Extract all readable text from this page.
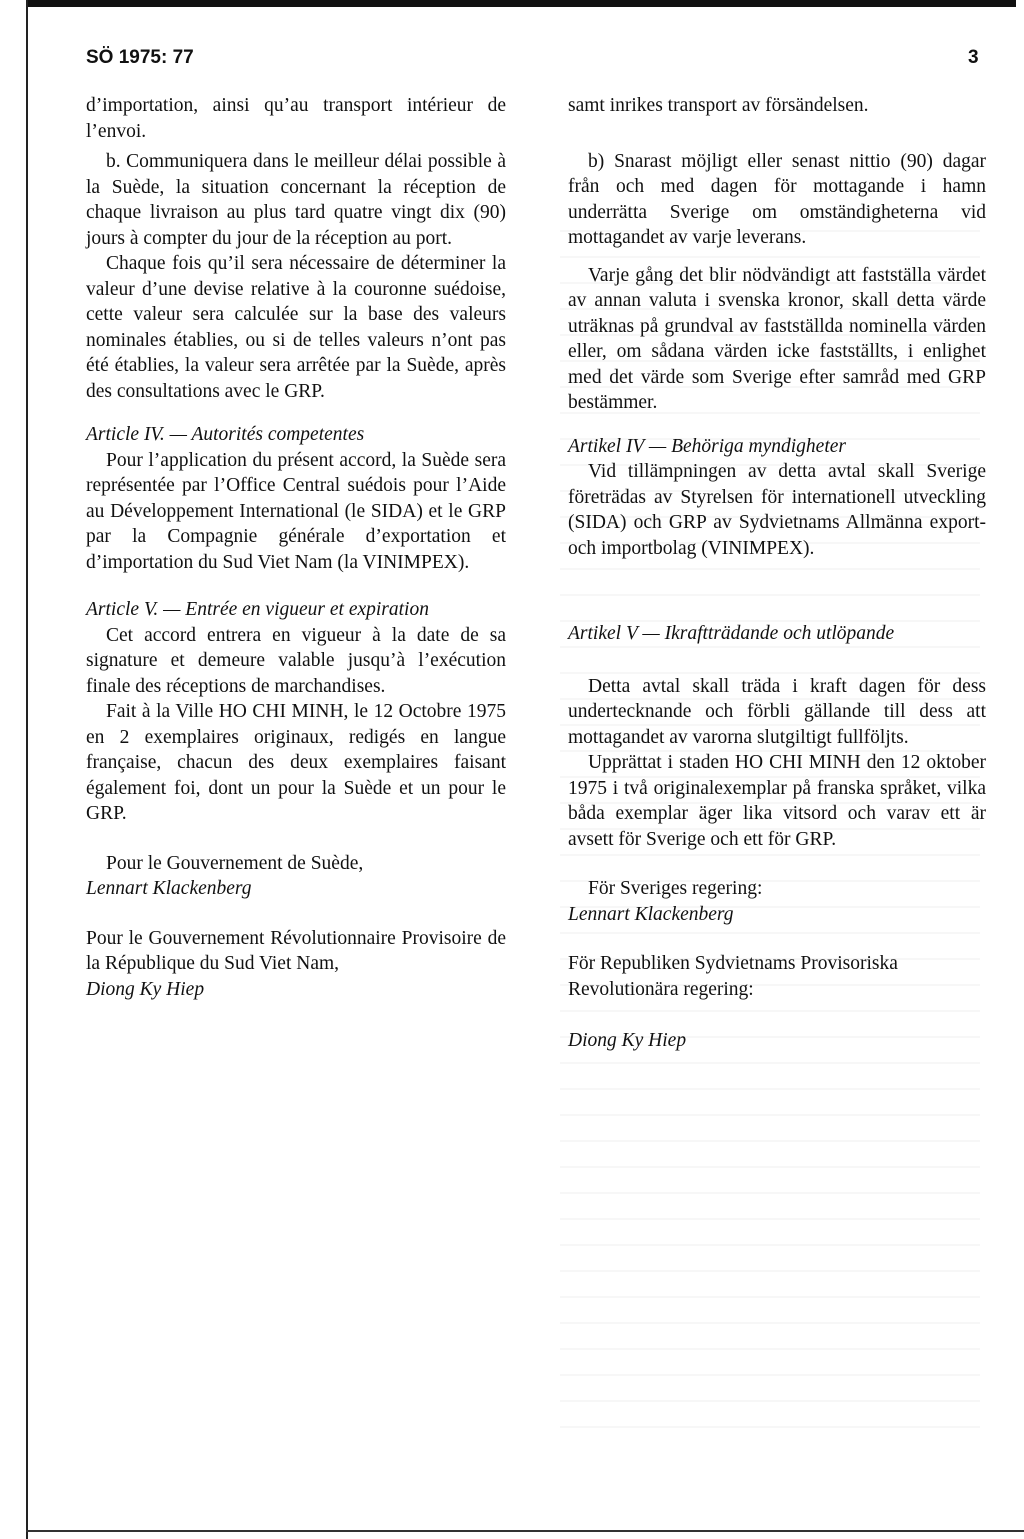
SÖ 1975: 77	3

d’importation, ainsi qu’au transport intérieur de l’envoi.

b. Communiquera dans le meilleur délai possible à la Suède, la situation concernant la réception de chaque livraison au plus tard quatre vingt dix (90) jours à compter du jour de la réception au port.

Chaque fois qu’il sera nécessaire de déterminer la valeur d’une devise relative à la couronne suédoise, cette valeur sera calculée sur la base des valeurs nominales établies, ou si de telles valeurs n’ont pas été établies, la valeur sera arrêtée par la Suède, après des consultations avec le GRP.

Article IV. — Autorités competentes

Pour l’application du présent accord, la Suède sera représentée par l’Office Central suédois pour l’Aide au Développement International (le SIDA) et le GRP par la Compagnie générale d’exportation et d’importation du Sud Viet Nam (la VINIMPEX).

Article V. — Entrée en vigueur et expiration

Cet accord entrera en vigueur à la date de sa signature et demeure valable jusqu’à l’exécution finale des réceptions de marchandises.

Fait à la Ville HO CHI MINH, le 12 Octobre 1975 en 2 exemplaires originaux, redigés en langue française, chacun des deux exemplaires faisant également foi, dont un pour la Suède et un pour le GRP.

Pour le Gouvernement de Suède,

Lennart Klackenberg

Pour le Gouvernement Révolutionnaire Provisoire de la République du Sud Viet Nam,

Diong Ky Hiep

samt inrikes transport av försändelsen.

b) Snarast möjligt eller senast nittio (90) dagar från och med dagen för mottagande i hamn underrätta Sverige om omständigheterna vid mottagandet av varje leverans.

Varje gång det blir nödvändigt att fastställa värdet av annan valuta i svenska kronor, skall detta värde uträknas på grundval av fastställda nominella värden eller, om sådana värden icke fastställts, i enlighet med det värde som Sverige efter samråd med GRP bestämmer.

Artikel IV — Behöriga myndigheter

Vid tillämpningen av detta avtal skall Sverige företrädas av Styrelsen för internationell utveckling (SIDA) och GRP av Sydvietnams Allmänna export- och importbolag (VINIMPEX).

Artikel V — Ikraftträdande och utlöpande

Detta avtal skall träda i kraft dagen för dess undertecknande och förbli gällande till dess att mottagandet av varorna slutgiltigt fullföljts.

Upprättat i staden HO CHI MINH den 12 oktober 1975 i två originalexemplar på franska språket, vilka båda exemplar äger lika vitsord och varav ett är avsett för Sverige och ett för GRP.

För Sveriges regering:

Lennart Klackenberg

För Republiken Sydvietnams Provisoriska Revolutionära regering:

Diong Ky Hiep
